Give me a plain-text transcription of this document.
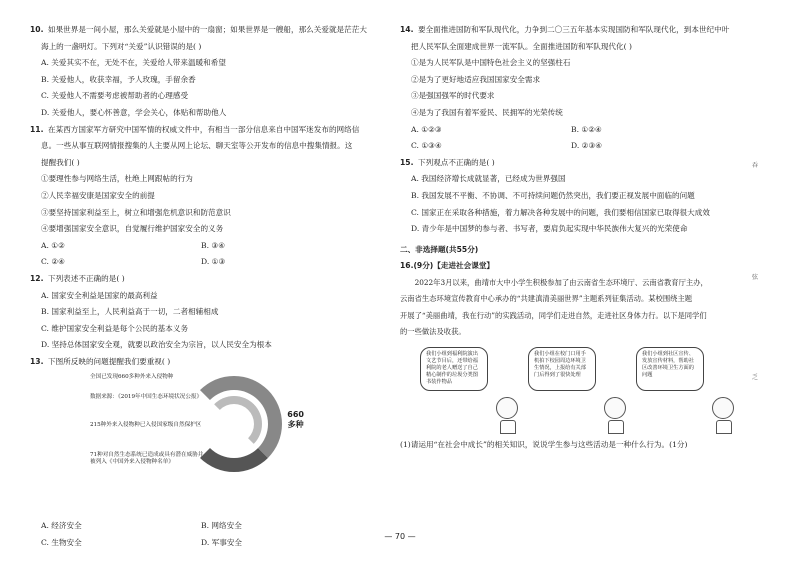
10. 如果世界是一间小屋，那么关爱就是小屋中的一扇窗；如果世界是一艘船，那么关爱就是茫茫大
海上的一盏明灯。下列对“关爱”认识错误的是( )
A. 关爱其实不在，无处不在，关爱给人带来温暖和希望
B. 关爱他人，收获幸福，予人玫瑰，手留余香
C. 关爱他人不需要考虑被帮助者的心理感受
D. 关爱他人，要心怀善意，学会关心，体贴和帮助他人
11. 在某西方国家军方研究中国军情的权威文件中，有相当一部分信息来自中国军迷发布的网络信
息。一些从事互联网情报搜集的人主要从网上论坛、聊天室等公开发布的信息中搜集情报。这
提醒我们( )
①要理性参与网络生活，杜绝上网跟帖的行为
②人民幸福安康是国家安全的前提
③要坚持国家利益至上，树立和增强危机意识和防范意识
④要增强国家安全意识，自觉履行维护国家安全的义务
A. ①②	B. ③④
C. ②④	D. ①③
12. 下列表述不正确的是( )
A. 国家安全利益是国家的最高利益
B. 国家利益至上，人民利益高于一切，二者相辅相成
C. 维护国家安全利益是每个公民的基本义务
D. 坚持总体国家安全观，就要以政治安全为宗旨，以人民安全为根本
13. 下图所反映的问题提醒我们要重视( )
660
多种
全国已发现660多种外来入侵物种
数据来源：《2019年中国生态环境状况公报》
215种外来入侵物种已入侵国家级自然保护区
71种对自然生态系统已造成或具有潜在威胁并被列入《中国外来入侵物种名单》
A. 经济安全	B. 网络安全
C. 生物安全	D. 军事安全
14. 要全面推进国防和军队现代化，力争到二〇三五年基本实现国防和军队现代化，到本世纪中叶
把人民军队全面建成世界一流军队。全面推进国防和军队现代化( )
①是为人民军队是中国特色社会主义的坚强柱石
②是为了更好地适应我国国家安全需求
③是强国强军的时代要求
④是为了我国有着军爱民、民拥军的光荣传统
A. ①②③	B. ①②④
C. ①③④	D. ②③④
15. 下列观点不正确的是( )
A. 我国经济增长成就显著，已经成为世界强国
B. 我国发展不平衡、不协调、不可持续问题仍然突出，我们要正视发展中面临的问题
C. 国家正在采取各种措施，着力解决各种发展中的问题，我们要相信国家已取得很大成效
D. 青少年是中国梦的参与者、书写者，要肩负起实现中华民族伟大复兴的光荣使命
二、非选择题(共55分)
16.(9分)【走进社会课堂】
2022年3月以来，曲靖市大中小学生积极参加了由云南省生态环境厅、云南省教育厅主办，
云南省生态环境宣传教育中心承办的“共建滇清美丽世界”主题系列征集活动。某校围绕主题
开展了“美丽曲靖，我在行动”的实践活动，同学们走进自然，走进社区身体力行。以下是同学们
的一些做法及收获。
我们小组到福利院演出文艺节目后，还带给福利院的老人赠送了自己精心制作的垃圾分类图书装作物品
我们小组在校门口用手机拍下校园周边环境卫生情况，上报给有关部门后得到了很快处理
我们小组到社区宣传、发放宣传材料，帮助社区改善环境卫生方面的问题
(1)请运用“在社会中成长”的相关知识，说说学生参与这些活动是一种什么行为。(1分)
吞
弦
乏
— 70 —
